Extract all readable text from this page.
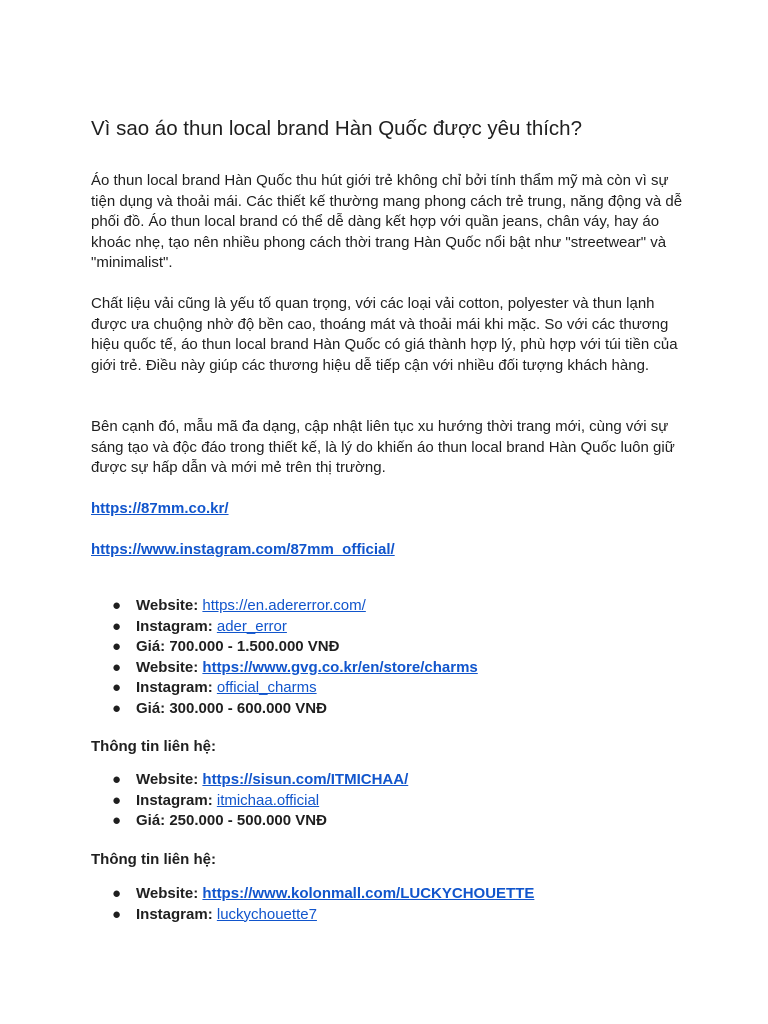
Vì sao áo thun local brand Hàn Quốc được yêu thích?

Áo thun local brand Hàn Quốc thu hút giới trẻ không chỉ bởi tính thẩm mỹ mà còn vì sự tiện dụng và thoải mái. Các thiết kế thường mang phong cách trẻ trung, năng động và dễ phối đồ. Áo thun local brand có thể dễ dàng kết hợp với quần jeans, chân váy, hay áo khoác nhẹ, tạo nên nhiều phong cách thời trang Hàn Quốc nổi bật như "streetwear" và "minimalist".

Chất liệu vải cũng là yếu tố quan trọng, với các loại vải cotton, polyester và thun lạnh được ưa chuộng nhờ độ bền cao, thoáng mát và thoải mái khi mặc. So với các thương hiệu quốc tế, áo thun local brand Hàn Quốc có giá thành hợp lý, phù hợp với túi tiền của giới trẻ. Điều này giúp các thương hiệu dễ tiếp cận với nhiều đối tượng khách hàng.

Bên cạnh đó, mẫu mã đa dạng, cập nhật liên tục xu hướng thời trang mới, cùng với sự sáng tạo và độc đáo trong thiết kế, là lý do khiến áo thun local brand Hàn Quốc luôn giữ được sự hấp dẫn và mới mẻ trên thị trường.

https://87mm.co.kr/

https://www.instagram.com/87mm_official/

● Website: https://en.adererror.com/
● Instagram: ader_error
● Giá: 700.000 - 1.500.000 VNĐ
● Website: https://www.gvg.co.kr/en/store/charms
● Instagram: official_charms
● Giá: 300.000 - 600.000 VNĐ

Thông tin liên hệ:

● Website: https://sisun.com/ITMICHAA/
● Instagram: itmichaa.official
● Giá: 250.000 - 500.000 VNĐ

Thông tin liên hệ:

● Website: https://www.kolonmall.com/LUCKYCHOUETTE
● Instagram: luckychouette7
